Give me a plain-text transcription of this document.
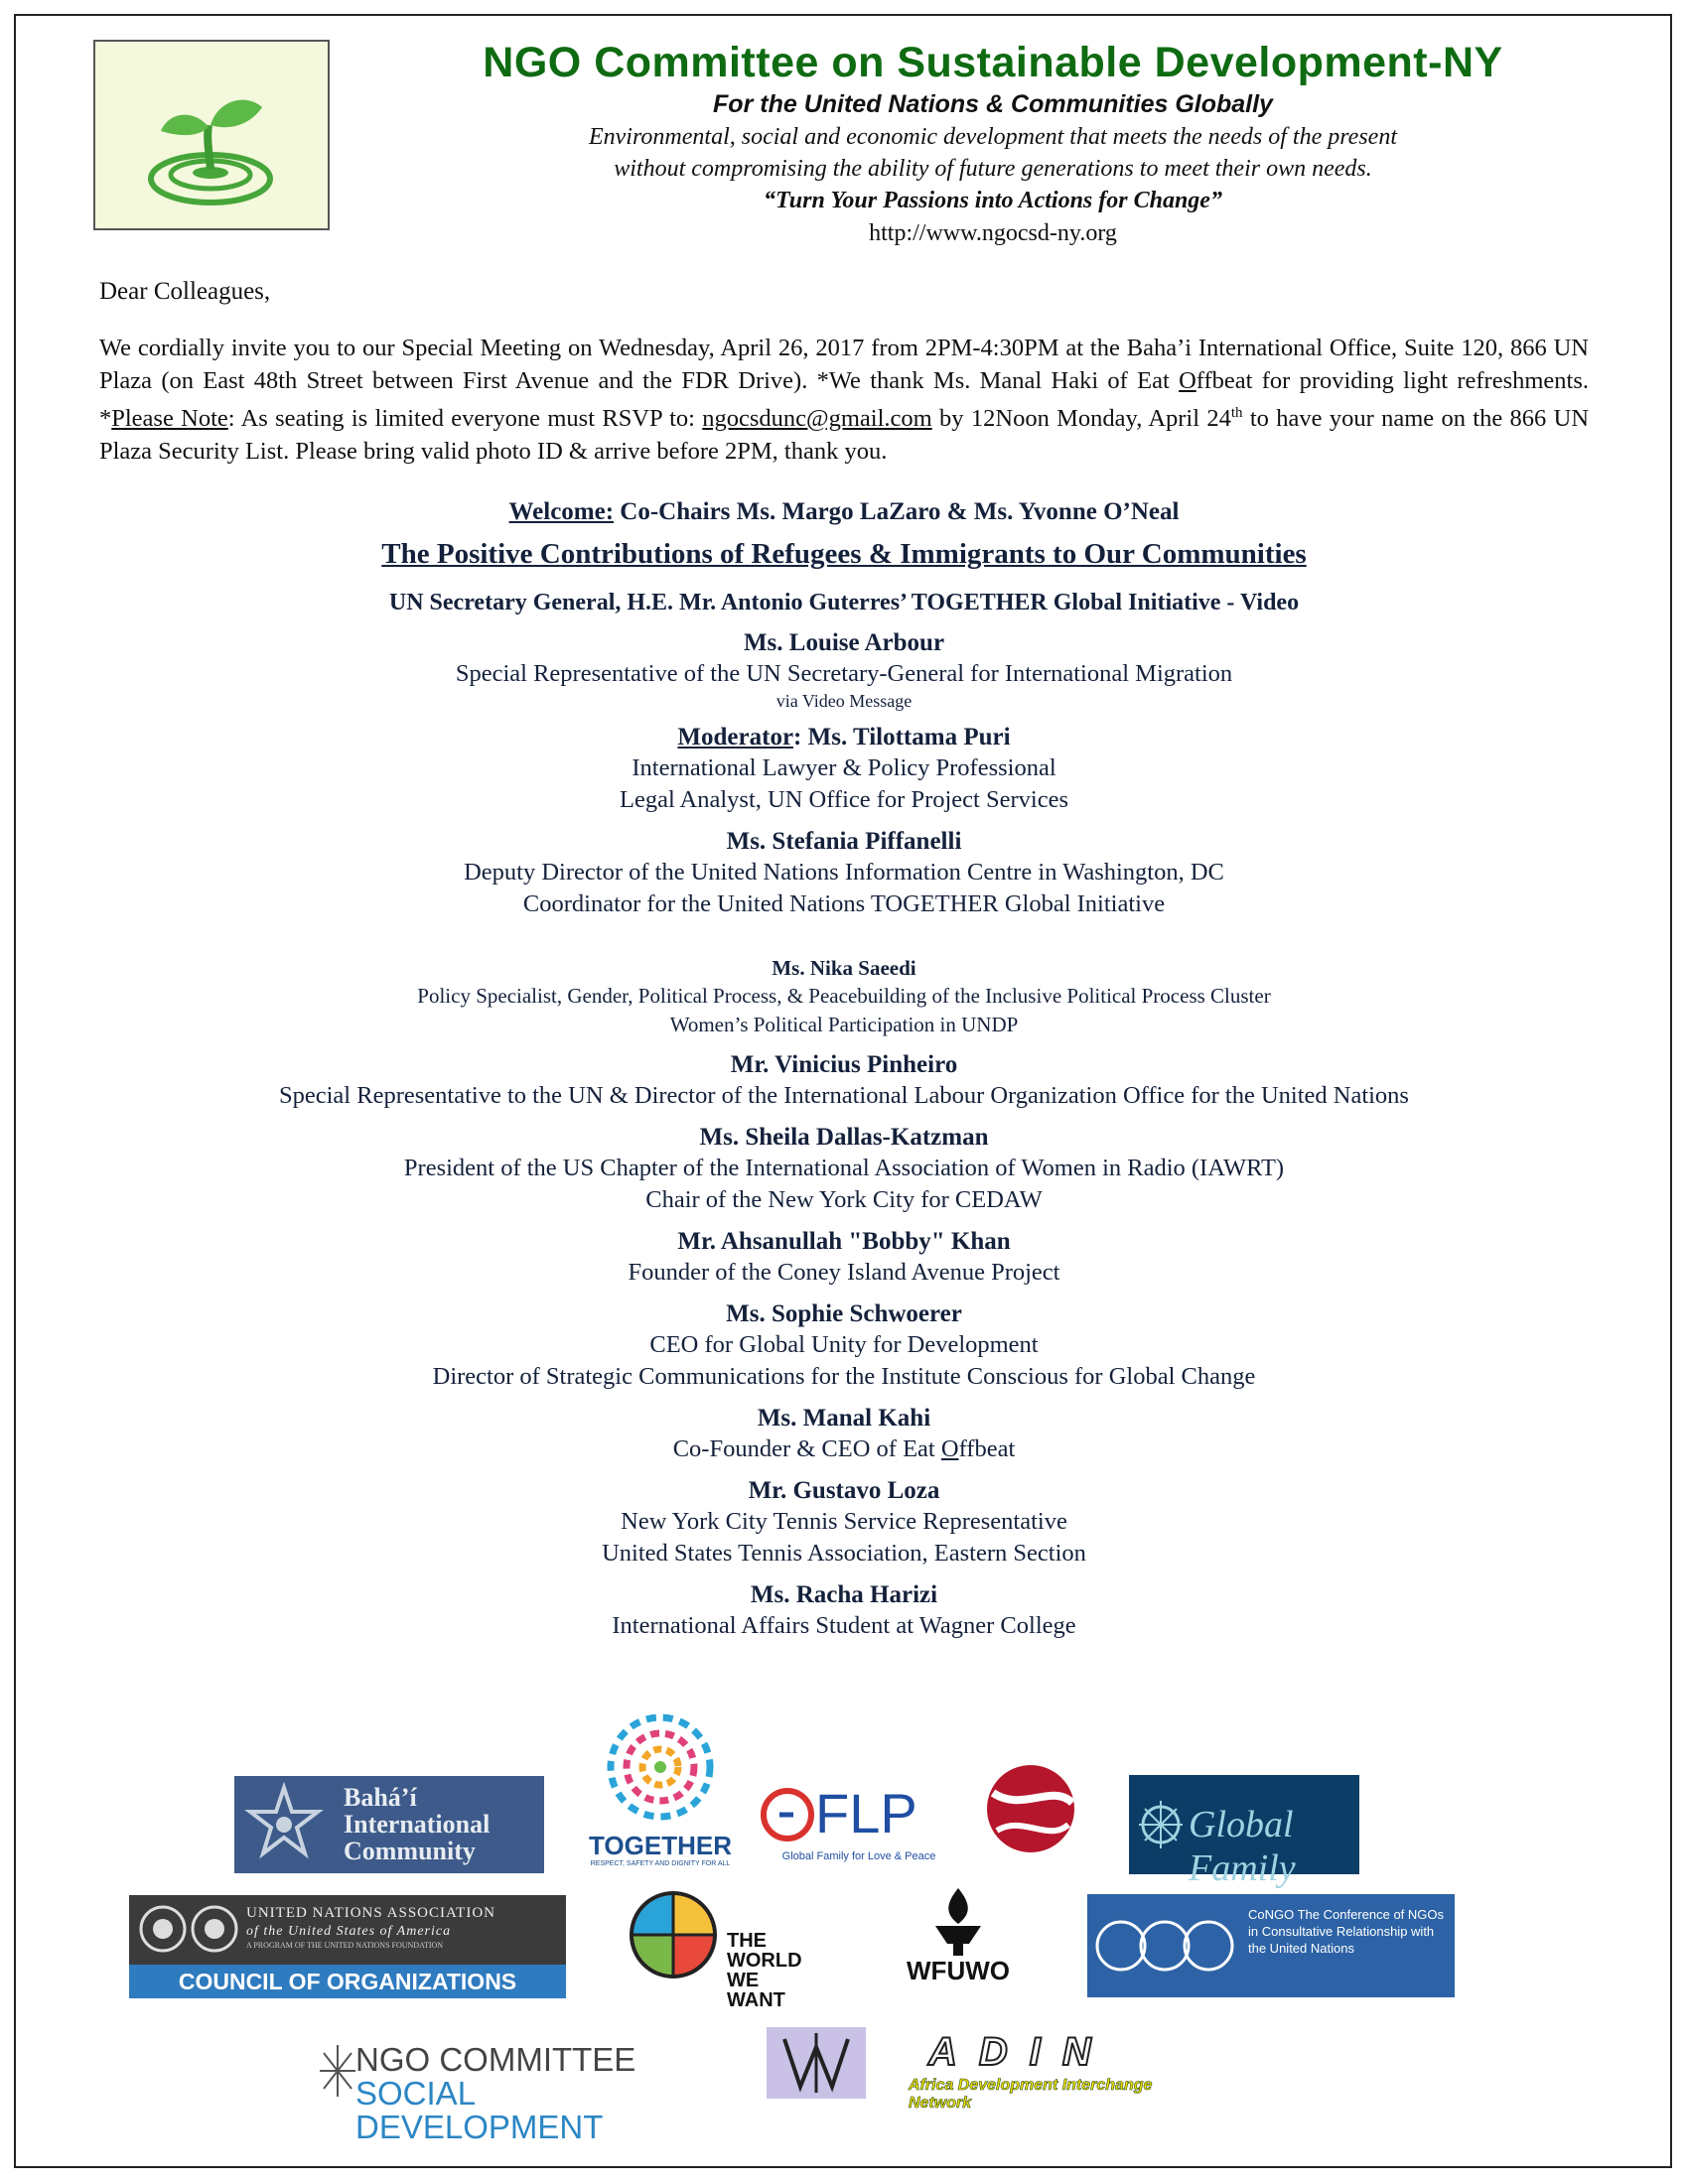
NGO Committee on Sustainable Development-NY
For the United Nations & Communities Globally
Environmental, social and economic development that meets the needs of the present
without compromising the ability of future generations to meet their own needs.
“Turn Your Passions into Actions for Change”
http://www.ngocsd-ny.org
Dear Colleagues,
We cordially invite you to our Special Meeting on Wednesday, April 26, 2017 from 2PM-4:30PM at the Baha’i International Office, Suite 120, 866 UN Plaza (on East 48th Street between First Avenue and the FDR Drive). *We thank Ms. Manal Haki of Eat Offbeat for providing light refreshments. *Please Note: As seating is limited everyone must RSVP to: ngocsdunc@gmail.com by 12Noon Monday, April 24th to have your name on the 866 UN Plaza Security List. Please bring valid photo ID & arrive before 2PM, thank you.
Welcome: Co-Chairs Ms. Margo LaZaro & Ms. Yvonne O’Neal
The Positive Contributions of Refugees & Immigrants to Our Communities
UN Secretary General, H.E. Mr. Antonio Guterres’ TOGETHER Global Initiative - Video
Ms. Louise Arbour
Special Representative of the UN Secretary-General for International Migration
via Video Message
Moderator: Ms. Tilottama Puri
International Lawyer & Policy Professional
Legal Analyst, UN Office for Project Services
Ms. Stefania Piffanelli
Deputy Director of the United Nations Information Centre in Washington, DC
Coordinator for the United Nations TOGETHER Global Initiative
Ms. Nika Saeedi
Policy Specialist, Gender, Political Process, & Peacebuilding of the Inclusive Political Process Cluster
Women’s Political Participation in UNDP
Mr. Vinicius Pinheiro
Special Representative to the UN & Director of the International Labour Organization Office for the United Nations
Ms. Sheila Dallas-Katzman
President of the US Chapter of the International Association of Women in Radio (IAWRT)
Chair of the New York City for CEDAW
Mr. Ahsanullah "Bobby" Khan
Founder of the Coney Island Avenue Project
Ms. Sophie Schwoerer
CEO for Global Unity for Development
Director of Strategic Communications for the Institute Conscious for Global Change
Ms. Manal Kahi
Co-Founder & CEO of Eat Offbeat
Mr. Gustavo Loza
New York City Tennis Service Representative
United States Tennis Association, Eastern Section
Ms. Racha Harizi
International Affairs Student at Wagner College
Bahá’í International Community	TOGETHER
RESPECT, SAFETY AND DIGNITY FOR ALL
FLP
Global Family for Love & Peace
Global Family
UNITED NATIONS ASSOCIATION
of the United States of America
A PROGRAM OF THE UNITED NATIONS FOUNDATION
COUNCIL OF ORGANIZATIONS
THE WORLD WE WANT
WFUWO
CoNGO The Conference of NGOs in Consultative Relationship with the United Nations
NGO COMMITTEE
SOCIAL DEVELOPMENT
ADIN
Africa Development Interchange Network
